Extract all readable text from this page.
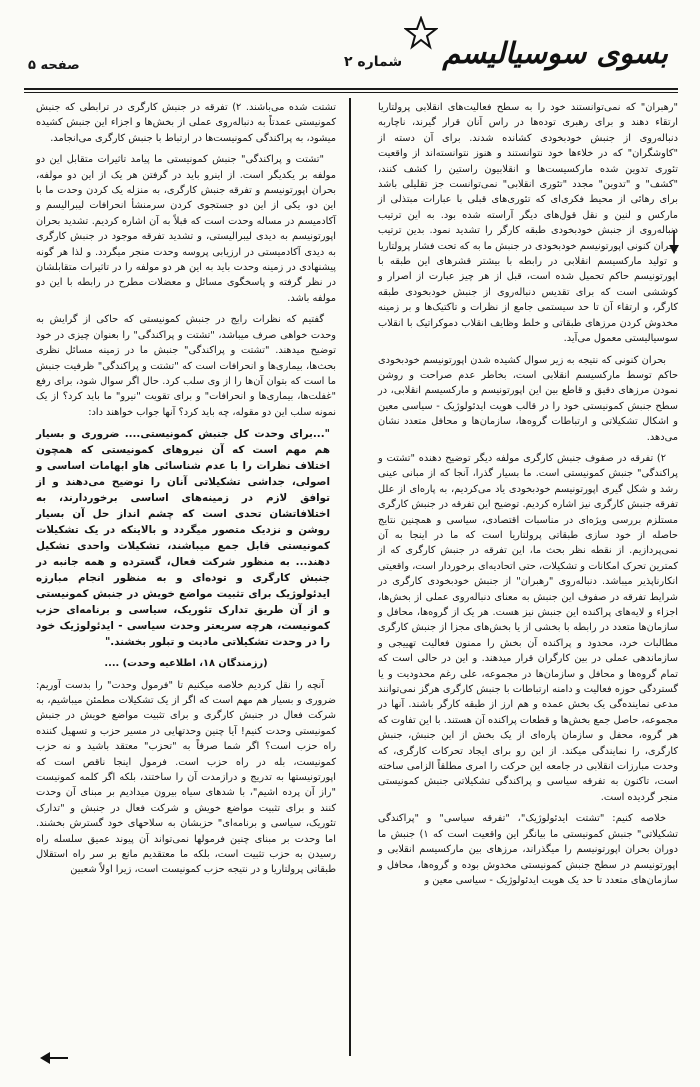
صفحه ۵	شماره ۲ بسوی سوسیالیسم

"رهبران" که نمی‌توانستند خود را به سطح فعالیت‌های انقلابی پرولتاریا ارتقاء دهند و برای رهبری توده‌ها در راس آنان قرار گیرند، ناچاربه دنباله‌روی از جنبش خودبخودی کشانده شدند. برای آن دسته از "کاوشگران" که در خلاءها خود نتوانستند و هنوز نتوانسته‌اند از واقعیت تئوری تدوین شده مارکسیست‌ها و انقلابیون راستین را کشف کنند، "کشف" و "تدوین" مجدد "تئوری انقلابی" نمی‌توانست جز تقلیلی باشد برای رهائی از محیط فکری‌ای که تئوری‌های قبلی با عبارات مبتذلی از مارکس و لنین و نقل قول‌های دیگر آراسته شده بود. به این ترتیب دنباله‌روی از جنبش خودبخودی طبقه کارگر را تشدید نمود. بدین ترتیب بحران کنونی اپورتونیسم خودبخودی در جنبش ما به که تحت فشار پرولتاریا و تولید مارکسیسم انقلابی در رابطه با بیشتر قشرهای این طبقه با اپورتونیسم حاکم تحمیل شده است، قبل از هر چیز عبارت از اصرار و کوششی است که برای تقدیس دنباله‌روی از جنبش خودبخودی طبقه کارگر، و ارتقاء آن تا حد سیستمی جامع از نظرات و تاکتیک‌ها و بر زمینه مخدوش کردن مرزهای طبقاتی و خلط وظایف انقلاب دموکراتیک با انقلاب سوسیالیستی معمول می‌آید.

بحران کنونی که نتیجه به زیر سوال کشیده شدن اپورتونیسم خودبخودی حاکم توسط مارکسیسم انقلابی است، بخاطر عدم صراحت و روشن نمودن مرزهای دقیق و قاطع بین این اپورتونیسم و مارکسیسم انقلابی، در سطح جنبش کمونیستی خود را در قالب هویت ایدئولوژیک - سیاسی معین و اشکال تشکیلاتی و ارتباطات گروه‌ها، سازمان‌ها و محافل متعدد نشان می‌دهد.

۲) تفرقه در صفوف جنبش کارگری مولفه دیگر توضیح دهنده "تشتت و پراکندگی" جنبش کمونیستی است. ما بسیار گذرا، آنجا که از مبانی عینی رشد و شکل گیری اپورتونیسم خودبخودی یاد می‌کردیم، به پاره‌ای از علل تفرقه جنبش کارگری نیز اشاره کردیم. توضیح این تفرقه در جنبش کارگری مستلزم بررسی ویژه‌ای در مناسبات اقتصادی، سیاسی و همچنین نتایج حاصله از خود سازی طبقاتی پرولتاریا است که ما در اینجا به آن نمی‌پردازیم. از نقطه نظر بحث ما، این تفرقه در جنبش کارگری که از کمترین تحرک امکانات و تشکیلات، حتی اتحادیه‌ای برخوردار است، واقعیتی انکارناپذیر میباشد. دنباله‌روی "رهبران" از جنبش خودبخودی کارگری در شرایط تفرقه در صفوف این جنبش به معنای دنباله‌روی عملی از بخش‌ها، اجزاء و لایه‌های پراکنده این جنبش نیز هست. هر یک از گروه‌ها، محافل و سازمان‌ها متعدد در رابطه با بخشی از یا بخش‌های مجزا از جنبش کارگری مطالبات خرد، محدود و پراکنده آن بخش را ممنون فعالیت تهییجی و سازماندهی عملی در بین کارگران قرار میدهند. و این در حالی است که تمام گروه‌ها و محافل و سازمان‌ها در مجموعه، علی رغم محدودیت و یا گستردگی حوزه فعالیت و دامنه ارتباطات با جنبش کارگری هرگز نمی‌توانند مدعی نماینده‌گی یک بخش عمده و هم ارز از طبقه کارگر باشند. آنها در مجموعه، حاصل جمع بخش‌ها و قطعات پراکنده آن هستند. با این تفاوت که هر گروه، محفل و سازمان پاره‌ای از یک بخش از این جنبش، جنبش کارگری، را نمایندگی میکند. از این رو برای ایجاد تحرکات کارگری، که وحدت مبارزات انقلابی در جامعه این حرکت را امری مطلقاً الزامی ساخته است، تاکنون به تفرقه سیاسی و پراکندگی تشکیلاتی جنبش کمونیستی منجر گردیده است.

خلاصه کنیم: "تشتت ایدئولوژیک"، "تفرقه سیاسی" و "پراکندگی تشکیلاتی" جنبش کمونیستی ما بیانگر این واقعیت است که ۱) جنبش ما دوران بحران اپورتونیسم را میگذراند، مرزهای بین مارکسیسم انقلابی و اپورتونیسم در سطح جنبش کمونیستی مخدوش بوده و گروه‌ها، محافل و سازمان‌های متعدد تا حد یک هویت ایدئولوژیک - سیاسی معین و

تشتت شده می‌باشند. ۲) تفرقه در جنبش کارگری در ترابطی که جنبش کمونیستی عمدتاً به دنباله‌روی عملی از بخش‌ها و اجزاء این جنبش کشیده میشود، به پراکندگی کمونیست‌ها در ارتباط با جنبش کارگری می‌انجامد.

"تشتت و پراکندگی" جنبش کمونیستی ما پیامد تاثیرات متقابل این دو مولفه بر یکدیگر است. از اینرو باید در گرفتن هر یک از این دو مولفه، بحران اپورتونیسم و تفرقه جنبش کارگری، به منزله یک کردن وحدت ما با این دو، یکی از این دو جستجوی کردن سرمنشأ انحرافات لیبرالیسم و آکادمیسم در مساله وحدت است که قبلاً به آن اشاره کردیم. تشدید بحران اپورتونیسم به دیدی لیبرالیستی، و تشدید تفرقه موجود در جنبش کارگری به دیدی آکادمیستی در ارزیابی پروسه وحدت منجر میگردد. و لذا هر گونه پیشنهادی در زمینه وحدت باید به این هر دو مولفه را در تاثیرات متقابلشان در نظر گرفته و پاسخگوی مسائل و معضلات مطرح در رابطه با این دو مولفه باشد.

گفتیم که نظرات رایج در جنبش کمونیستی که حاکی از گرایش به وحدت خواهی صرف میباشد، "تشتت و پراکندگی" را بعنوان چیزی در خود توضیح میدهند. "تشتت و پراکندگی" جنبش ما در زمینه مسائل نظری بحث‌ها، بیماری‌ها و انحرافات است که "تشتت و پراکندگی" ظرفیت جنبش ما است که بتوان آن‌ها را از وی سلب کرد. حال اگر سوال شود، برای رفع "غفلت‌ها، بیماری‌ها و انحرافات" و برای تقویت "نیرو" ما باید کرد؟ از یک نمونه سلب این دو مقوله، چه باید کرد؟ آنها جواب خواهند داد:

"...برای وحدت کل جنبش کمونیستی.... ضروری و بسیار هم مهم است که آن نیروهای کمونیستی که همچون اختلاف نظرات را با عدم شناسائی هاو ابهامات اساسی و اصولی، جداشی تشکیلاتی آنان را توضیح می‌دهند و از توافق لازم در زمینه‌های اساسی برخوردارند، به اختلافاتشان تحدی است که چشم انداز حل آن بسیار روشن و نزدیک متصور میگردد و بالاینکه در یک تشکیلات کمونیستی قابل جمع میباشند، تشکیلات واحدی تشکیل دهند... به منظور شرکت فعال، گسترده و همه جانبه در جنبش کارگری و توده‌ای و به منظور انجام مبارزه ایدئولوژیک برای تثبیت مواضع خویش در جنبش کمونیستی و از آن طریق تدارک تئوریک، سیاسی و برنامه‌ای حزب کمونیست، هرچه سریعتر وحدت سیاسی - ایدئولوژیک خود را در وحدت تشکیلاتی مادیت و تبلور بخشند."

(رزمندگان ۱۸، اطلاعیه وحدت) ....

آنچه را نقل کردیم خلاصه میکنیم تا "فرمول وحدت" را بدست آوریم: ضروری و بسیار هم مهم است که اگر از یک تشکیلات مطمئن میباشیم، به شرکت فعال در جنبش کارگری و برای تثبیت مواضع خویش در جنبش کمونیستی وحدت کنیم! آیا چنین وحدتهایی در مسیر حزب و تسهیل کننده راه حزب است؟ اگر شما صرفاً به "تحزب" معتقد باشید و نه حزب کمونیست، بله در راه حزب است. فرمول اینجا ناقص است که اپورتونیستها به تدریج و درازمدت آن را ساختند، بلکه اگر کلمه کمونیست "راز آن پرده اشیم"، با شدهای سیاه بیرون میدادیم بر مبنای آن وحدت کنند و برای تثبیت مواضع خویش و شرکت فعال در جنبش و "تدارک تئوریک، سیاسی و برنامه‌ای" حزبشان به سلاحهای خود گسترش بخشند. اما وحدت بر مبنای چنین فرمولها نمی‌تواند آن پیوند عمیق سلسله راه رسیدن به حزب تثبیت است، بلکه ما معتقدیم مانع بر سر راه استقلال طبقاتی پرولتاریا و در نتیجه حزب کمونیست است، زیرا اولاً شعبین
